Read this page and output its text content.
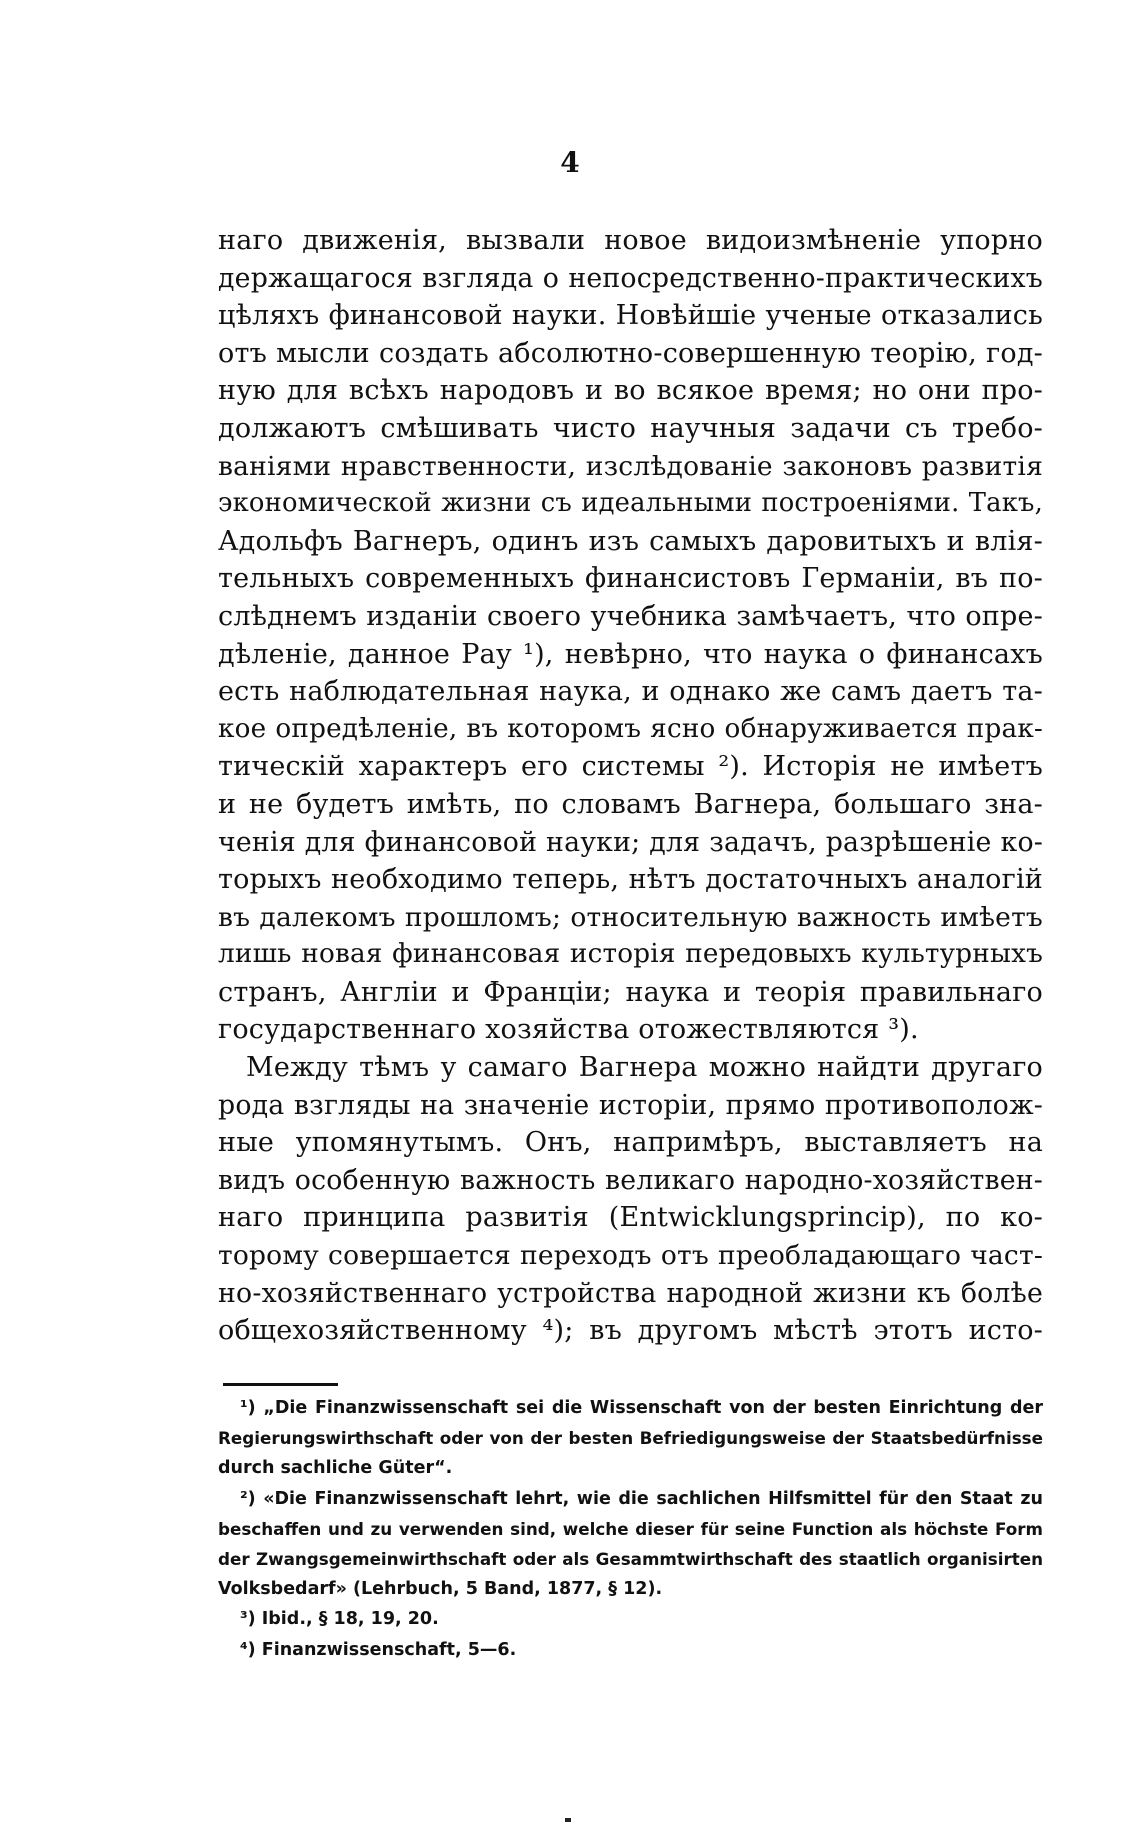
4
наго движенія, вызвали новое видоизмѣненіе упорно
держащагося взгляда о непосредственно-практическихъ
цѣляхъ финансовой науки. Новѣйшіе ученые отказались
отъ мысли создать абсолютно-совершенную теорію, год-
ную для всѣхъ народовъ и во всякое время; но они про-
должаютъ смѣшивать чисто научныя задачи съ требо-
ваніями нравственности, изслѣдованіе законовъ развитія
экономической жизни съ идеальными построеніями. Такъ,
Адольфъ Вагнеръ, одинъ изъ самыхъ даровитыхъ и влія-
тельныхъ современныхъ финансистовъ Германіи, въ по-
слѣднемъ изданіи своего учебника замѣчаетъ, что опре-
дѣленіе, данное Рау ¹), невѣрно, что наука о финансахъ
есть наблюдательная наука, и однако же самъ даетъ та-
кое опредѣленіе, въ которомъ ясно обнаруживается прак-
тическій характеръ его системы ²). Исторія не имѣетъ
и не будетъ имѣть, по словамъ Вагнера, большаго зна-
ченія для финансовой науки; для задачъ, разрѣшеніе ко-
торыхъ необходимо теперь, нѣтъ достаточныхъ аналогій
въ далекомъ прошломъ; относительную важность имѣетъ
лишь новая финансовая исторія передовыхъ культурныхъ
странъ, Англіи и Франціи; наука и теорія правильнаго
государственнаго хозяйства отожествляются ³).
Между тѣмъ у самаго Вагнера можно найдти другаго
рода взгляды на значеніе исторіи, прямо противополож-
ные упомянутымъ. Онъ, напримѣръ, выставляетъ на
видъ особенную важность великаго народно-хозяйствен-
наго принципа развитія (Entwicklungsprincip), по ко-
торому совершается переходъ отъ преобладающаго част-
но-хозяйственнаго устройства народной жизни къ болѣе
общехозяйственному ⁴); въ другомъ мѣстѣ этотъ исто-
¹) „Die Finanzwissenschaft sei die Wissenschaft von der besten Einrichtung der
Regierungswirthschaft oder von der besten Befriedigungsweise der Staatsbedürfnisse
durch sachliche Güter“.
²) «Die Finanzwissenschaft lehrt, wie die sachlichen Hilfsmittel für den Staat zu
beschaffen und zu verwenden sind, welche dieser für seine Function als höchste Form
der Zwangsgemeinwirthschaft oder als Gesammtwirthschaft des staatlich organisirten
Volksbedarf» (Lehrbuch, 5 Band, 1877, § 12).
³) Ibid., § 18, 19, 20.
⁴) Finanzwissenschaft, 5—6.
